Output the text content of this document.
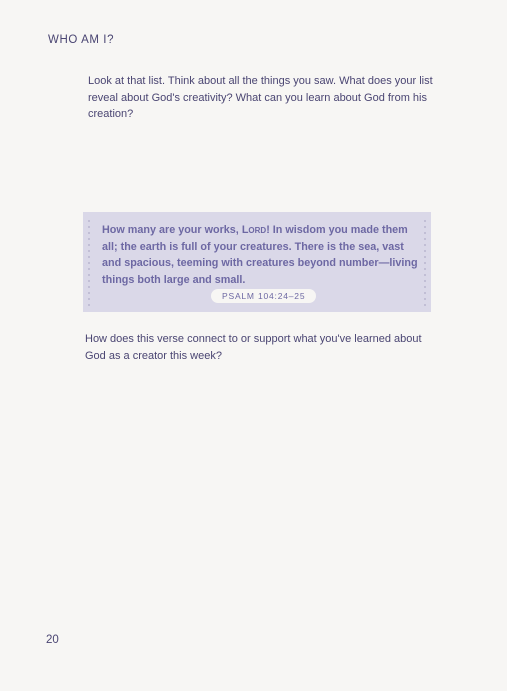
WHO AM I?
Look at that list. Think about all the things you saw. What does your list reveal about God's creativity? What can you learn about God from his creation?
How many are your works, Lord! In wisdom you made them all; the earth is full of your creatures. There is the sea, vast and spacious, teeming with creatures beyond number—living things both large and small.
PSALM 104:24–25
How does this verse connect to or support what you've learned about God as a creator this week?
20
